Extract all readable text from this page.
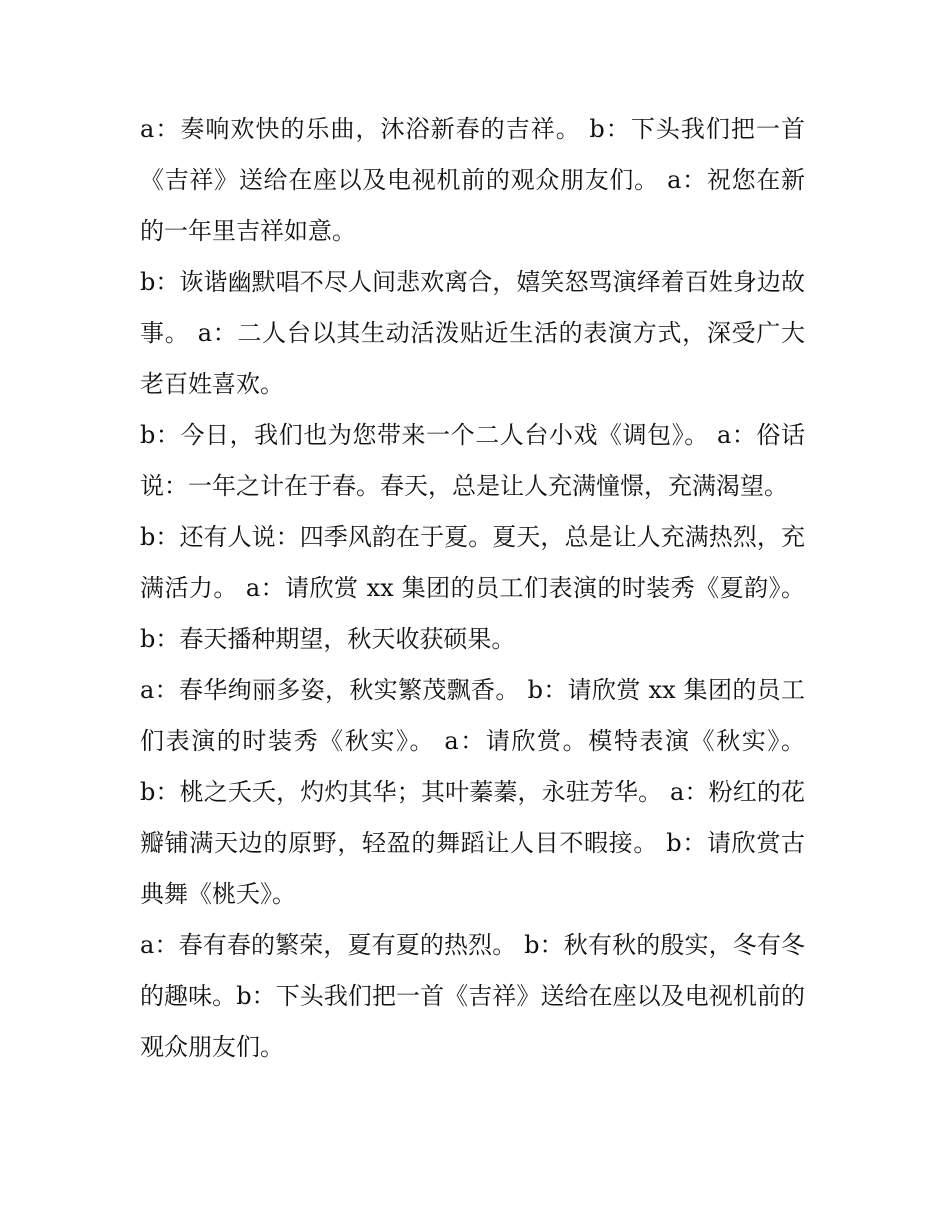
a：奏响欢快的乐曲，沐浴新春的吉祥。 b：下头我们把一首《吉祥》送给在座以及电视机前的观众朋友们。 a：祝您在新的一年里吉祥如意。

b：诙谐幽默唱不尽人间悲欢离合，嬉笑怒骂演绎着百姓身边故事。 a：二人台以其生动活泼贴近生活的表演方式，深受广大老百姓喜欢。

b：今日，我们也为您带来一个二人台小戏《调包》。 a：俗话说：一年之计在于春。春天，总是让人充满憧憬，充满渴望。

b：还有人说：四季风韵在于夏。夏天，总是让人充满热烈，充满活力。 a：请欣赏 xx 集团的员工们表演的时装秀《夏韵》。 b：春天播种期望，秋天收获硕果。

a：春华绚丽多姿，秋实繁茂飘香。 b：请欣赏 xx 集团的员工们表演的时装秀《秋实》。 a：请欣赏。模特表演《秋实》。 b：桃之夭夭，灼灼其华；其叶蓁蓁，永驻芳华。 a：粉红的花瓣铺满天边的原野，轻盈的舞蹈让人目不暇接。 b：请欣赏古典舞《桃夭》。

a：春有春的繁荣，夏有夏的热烈。 b：秋有秋的殷实，冬有冬的趣味。b：下头我们把一首《吉祥》送给在座以及电视机前的观众朋友们。
